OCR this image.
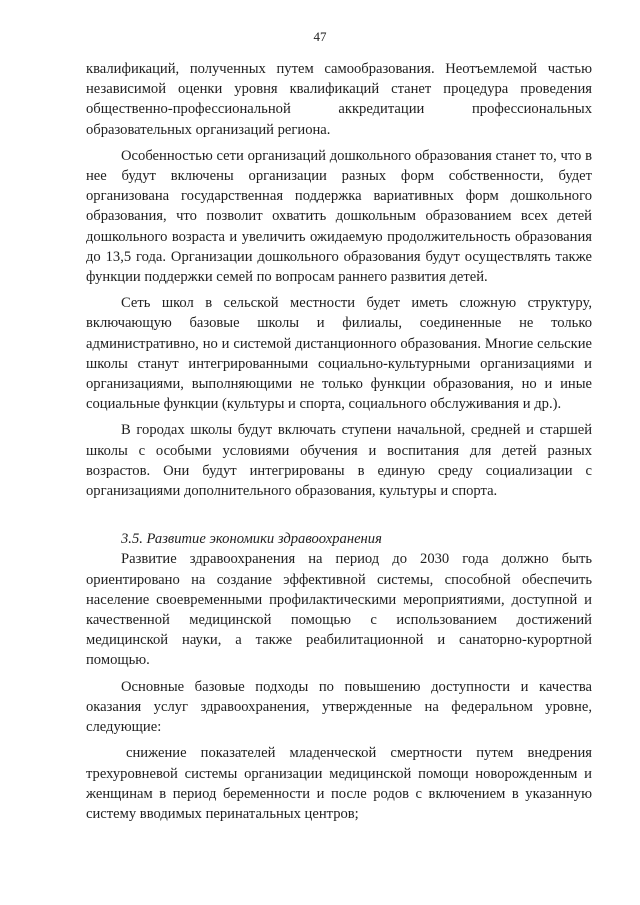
47

квалификаций, полученных путем самообразования. Неотъемлемой частью независимой оценки уровня квалификаций станет процедура проведения общественно-профессиональной аккредитации профессиональных образовательных организаций региона.

Особенностью сети организаций дошкольного образования станет то, что в нее будут включены организации разных форм собственности, будет организована государственная поддержка вариативных форм дошкольного образования, что позволит охватить дошкольным образованием всех детей дошкольного возраста и увеличить ожидаемую продолжительность образования до 13,5 года. Организации дошкольного образования будут осуществлять также функции поддержки семей по вопросам раннего развития детей.

Сеть школ в сельской местности будет иметь сложную структуру, включающую базовые школы и филиалы, соединенные не только административно, но и системой дистанционного образования. Многие сельские школы станут интегрированными социально-культурными организациями и организациями, выполняющими не только функции образования, но и иные социальные функции (культуры и спорта, социального обслуживания и др.).

В городах школы будут включать ступени начальной, средней и старшей школы с особыми условиями обучения и воспитания для детей разных возрастов. Они будут интегрированы в единую среду социализации с организациями дополнительного образования, культуры и спорта.

3.5. Развитие экономики здравоохранения

Развитие здравоохранения на период до 2030 года должно быть ориентировано на создание эффективной системы, способной обеспечить население своевременными профилактическими мероприятиями, доступной и качественной медицинской помощью с использованием достижений медицинской науки, а также реабилитационной и санаторно-курортной помощью.

Основные базовые подходы по повышению доступности и качества оказания услуг здравоохранения, утвержденные на федеральном уровне, следующие:

снижение показателей младенческой смертности путем внедрения трехуровневой системы организации медицинской помощи новорожденным и женщинам в период беременности и после родов с включением в указанную систему вводимых перинатальных центров;
